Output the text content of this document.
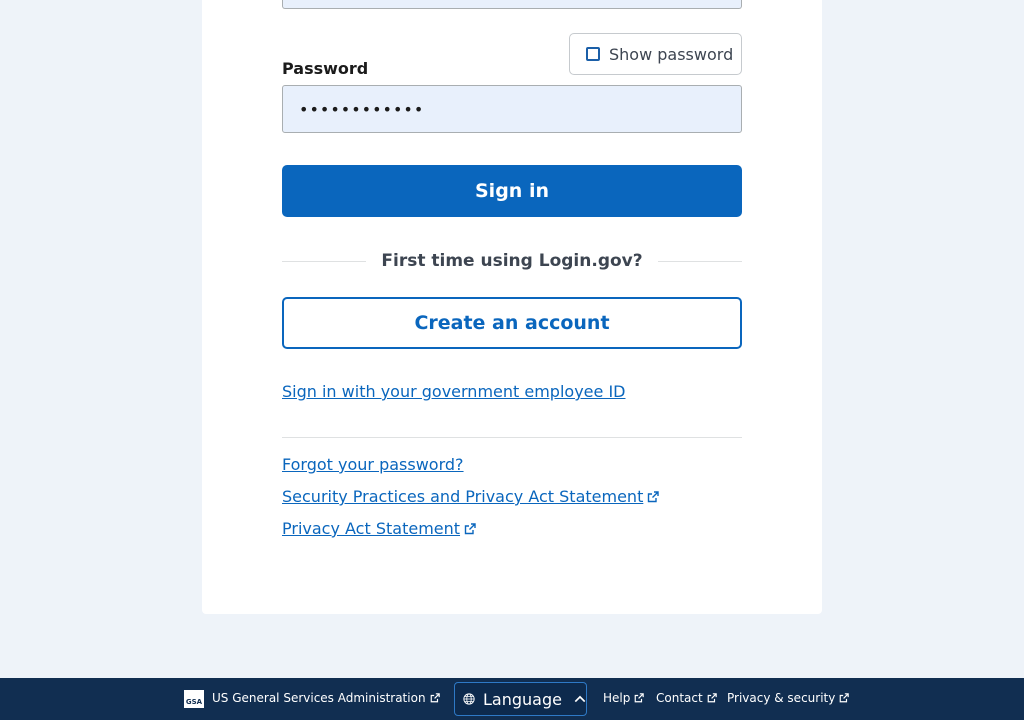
Show password
Password
••••••••••••
Sign in
First time using Login.gov?
Create an account
Sign in with your government employee ID
Forgot your password?
Security Practices and Privacy Act Statement
Privacy Act Statement
GSA US General Services Administration	Language	Help Contact Privacy & security
